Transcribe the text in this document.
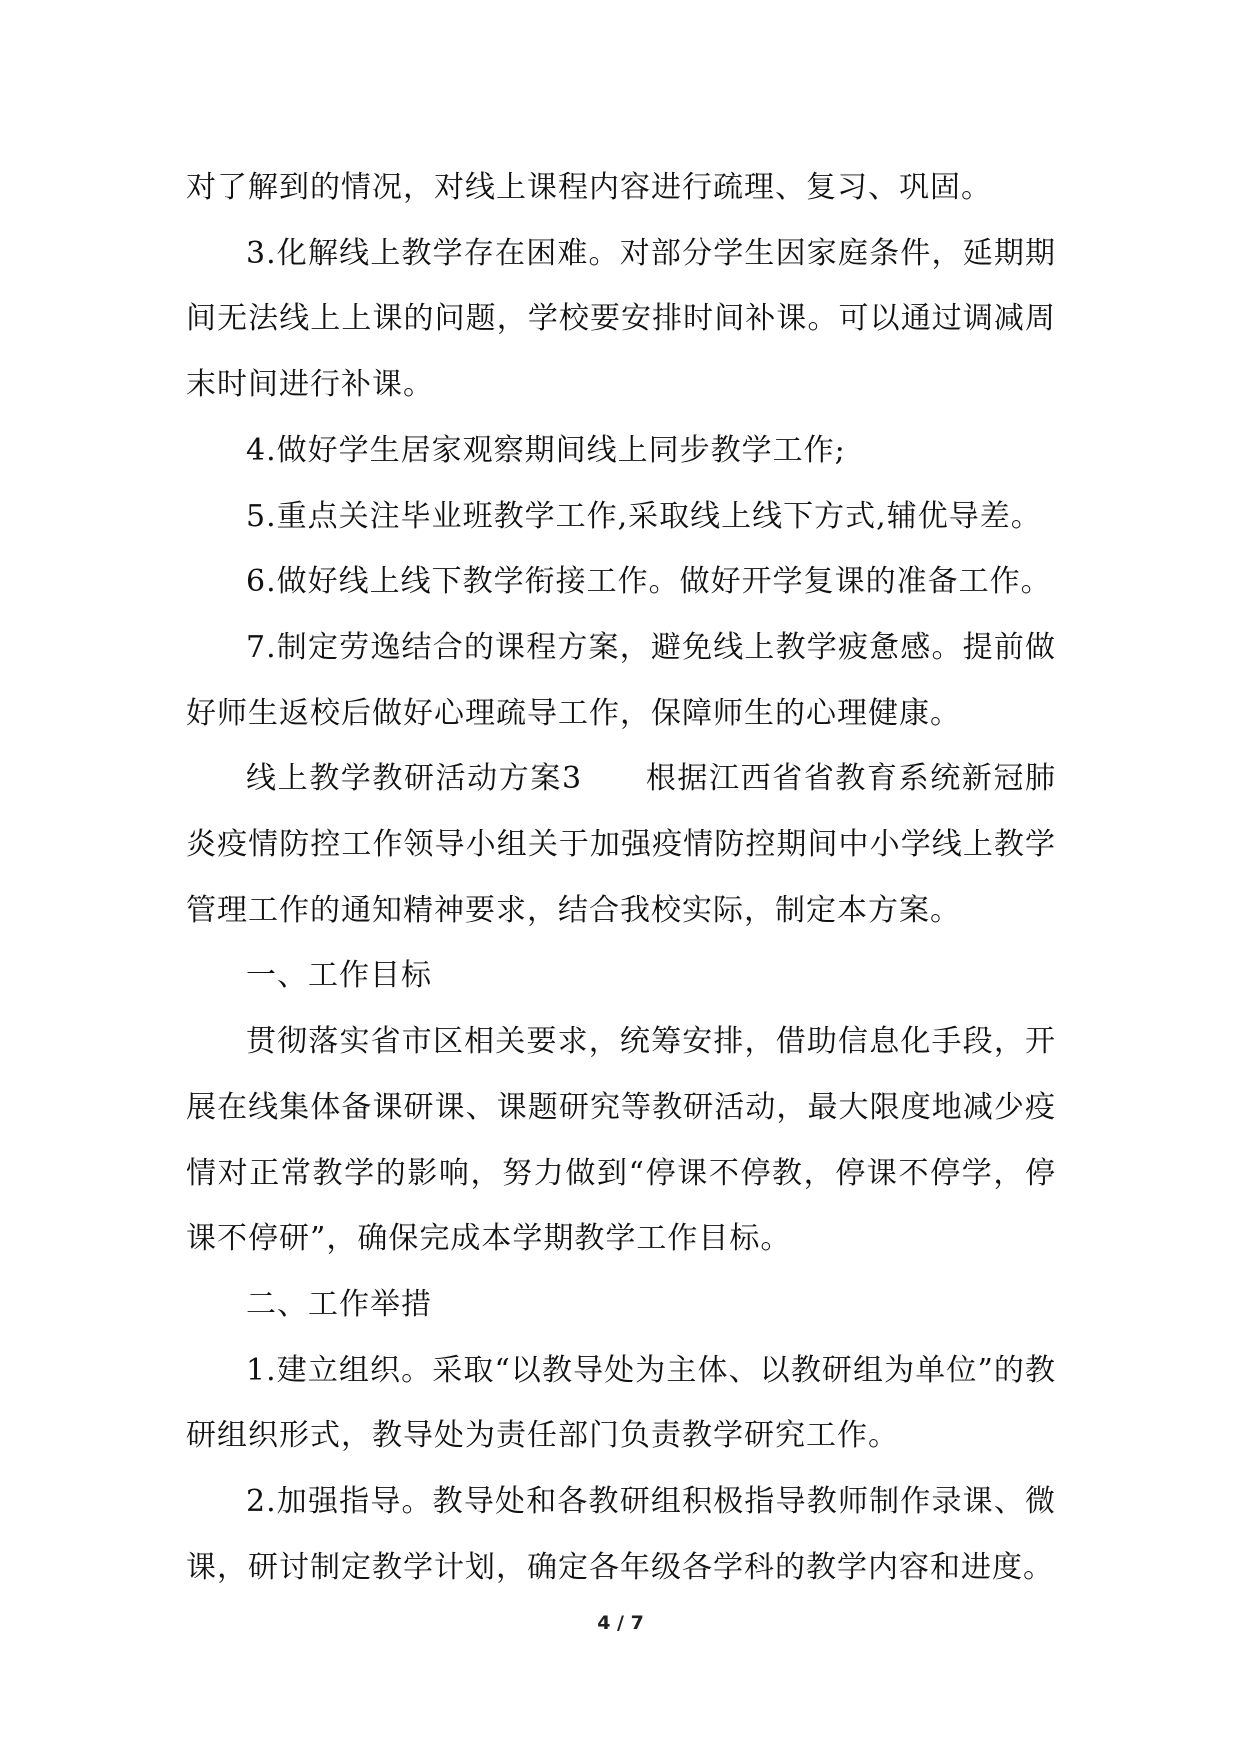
对了解到的情况，对线上课程内容进行疏理、复习、巩固。

3.化解线上教学存在困难。对部分学生因家庭条件，延期期间无法线上上课的问题，学校要安排时间补课。可以通过调减周末时间进行补课。

4.做好学生居家观察期间线上同步教学工作;

5.重点关注毕业班教学工作,采取线上线下方式,辅优导差。

6.做好线上线下教学衔接工作。做好开学复课的准备工作。

7.制定劳逸结合的课程方案，避免线上教学疲惫感。提前做好师生返校后做好心理疏导工作，保障师生的心理健康。

线上教学教研活动方案3　　根据江西省省教育系统新冠肺炎疫情防控工作领导小组关于加强疫情防控期间中小学线上教学管理工作的通知精神要求，结合我校实际，制定本方案。

一、工作目标

贯彻落实省市区相关要求，统筹安排，借助信息化手段，开展在线集体备课研课、课题研究等教研活动，最大限度地减少疫情对正常教学的影响，努力做到“停课不停教，停课不停学，停课不停研”，确保完成本学期教学工作目标。

二、工作举措

1.建立组织。采取“以教导处为主体、以教研组为单位”的教研组织形式，教导处为责任部门负责教学研究工作。

2.加强指导。教导处和各教研组积极指导教师制作录课、微课，研讨制定教学计划，确定各年级各学科的教学内容和进度。

4 / 7
